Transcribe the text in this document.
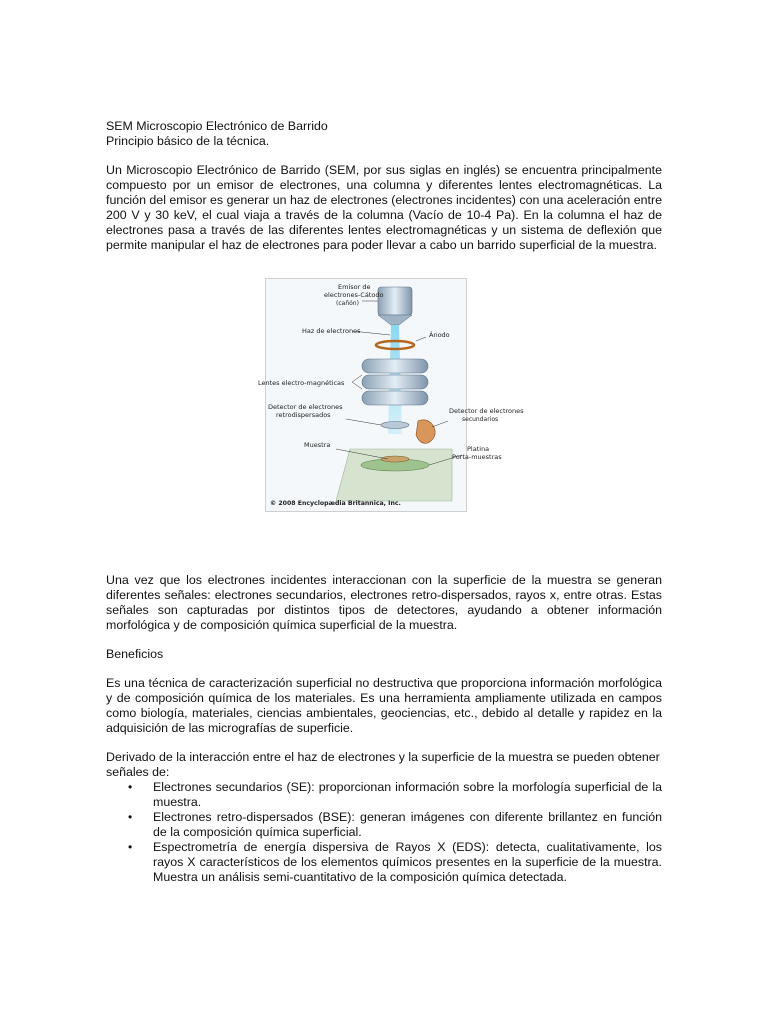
SEM Microscopio Electrónico de Barrido

Principio básico de la técnica.

Un Microscopio Electrónico de Barrido (SEM, por sus siglas en inglés) se encuentra principalmente compuesto por un emisor de electrones, una columna y diferentes lentes electromagnéticas. La función del emisor es generar un haz de electrones (electrones incidentes) con una aceleración entre 200 V y 30 keV, el cual viaja a través de la columna (Vacío de 10-4 Pa). En la columna el haz de electrones pasa a través de las diferentes lentes electromagnéticas y un sistema de deflexión que permite manipular el haz de electrones para poder llevar a cabo un barrido superficial de la muestra.

Emisor de
electrones-Cátodo
(cañón)
Haz de electrones	Ánodo
Lentes electro-magnéticas
Detector de electrones
retrodispersados	Detector de electrones
secundarios
Muestra	Platina
Porta-muestras
© 2008 Encyclopædia Britannica, Inc.

Una vez que los electrones incidentes interaccionan con la superficie de la muestra se generan diferentes señales: electrones secundarios, electrones retro-dispersados, rayos x, entre otras. Estas señales son capturadas por distintos tipos de detectores, ayudando a obtener información morfológica y de composición química superficial de la muestra.

Beneficios

Es una técnica de caracterización superficial no destructiva que proporciona información morfológica y de composición química de los materiales. Es una herramienta ampliamente utilizada en campos como biología, materiales, ciencias ambientales, geociencias, etc., debido al detalle y rapidez en la adquisición de las micrografías de superficie.

Derivado de la interacción entre el haz de electrones y la superficie de la muestra se pueden obtener señales de:

• Electrones secundarios (SE): proporcionan información sobre la morfología superficial de la muestra.
• Electrones retro-dispersados (BSE): generan imágenes con diferente brillantez en función de la composición química superficial.
• Espectrometría de energía dispersiva de Rayos X (EDS): detecta, cualitativamente, los rayos X característicos de los elementos químicos presentes en la superficie de la muestra. Muestra un análisis semi-cuantitativo de la composición química detectada.
